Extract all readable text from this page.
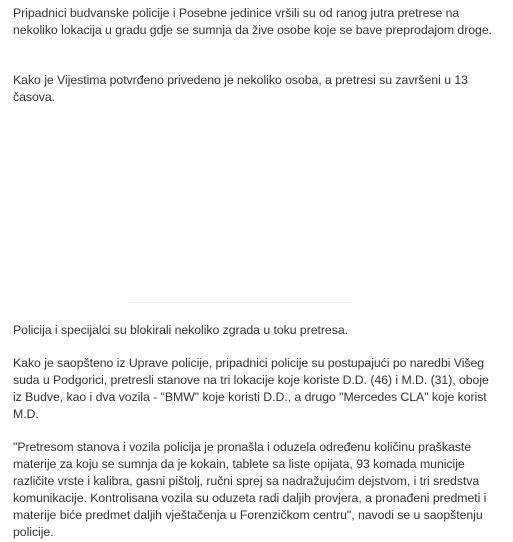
Pripadnici budvanske policije i Posebne jedinice vršili su od ranog jutra pretrese na nekoliko lokacija u gradu gdje se sumnja da žive osobe koje se bave preprodajom droge.

Kako je Vijestima potvrđeno privedeno je nekoliko osoba, a pretresi su završeni u 13 časova.

Policija i specijalci su blokirali nekoliko zgrada u toku pretresa.

Kako je saopšteno iz Uprave policije, pripadnici policije su postupajući po naredbi Višeg suda u Podgorici, pretresli stanove na tri lokacije koje koriste D.D. (46) i M.D. (31), oboje iz Budve, kao i dva vozila - "BMW" koje koristi D.D., a drugo "Mercedes CLA" koje korist M.D.

"Pretresom stanova i vozila policija je pronašla i oduzela određenu količinu praškaste materije za koju se sumnja da je kokain, tablete sa liste opijata, 93 komada municije različite vrste i kalibra, gasni pištolj, ručni sprej sa nadražujućim dejstvom, i tri sredstva komunikacije. Kontrolisana vozila su oduzeta radi daljih provjera, a pronađeni predmeti i materije biće predmet daljih vještačenja u Forenzičkom centru", navodi se u saopštenju policije.
